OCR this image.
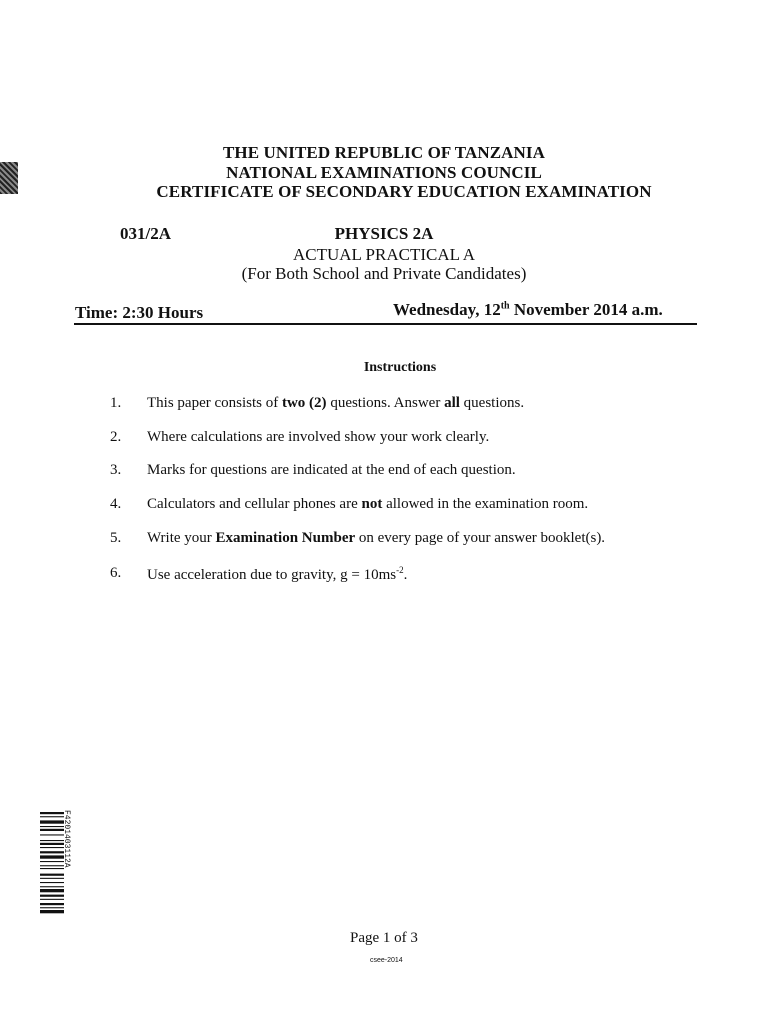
THE UNITED REPUBLIC OF TANZANIA
NATIONAL EXAMINATIONS COUNCIL
CERTIFICATE OF SECONDARY EDUCATION EXAMINATION
031/2A	PHYSICS 2A
ACTUAL PRACTICAL A
(For Both School and Private Candidates)
Time: 2:30 Hours	Wednesday, 12th November 2014 a.m.
Instructions
1.	This paper consists of two (2) questions. Answer all questions.
2.	Where calculations are involved show your work clearly.
3.	Marks for questions are indicated at the end of each question.
4.	Calculators and cellular phones are not allowed in the examination room.
5.	Write your Examination Number on every page of your answer booklet(s).
6.	Use acceleration due to gravity, $g = 10ms^{-2}$.
F4201403112A
Page 1 of 3
csee-2014
